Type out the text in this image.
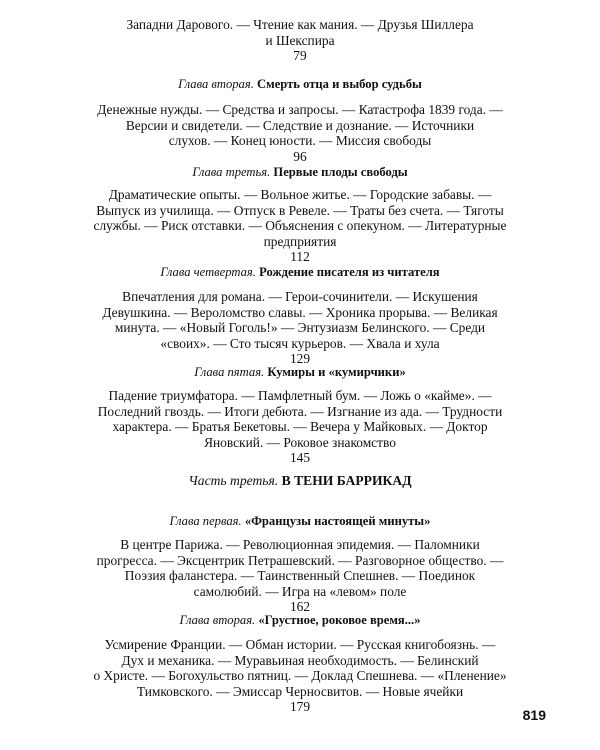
Западни Дарового. — Чтение как мания. — Друзья Шиллера

и Шекспира

79

Глава вторая. Смерть отца и выбор судьбы

Денежные нужды. — Средства и запросы. — Катастрофа 1839 года. —

Версии и свидетели. — Следствие и дознание. — Источники

слухов. — Конец юности. — Миссия свободы

96

Глава третья. Первые плоды свободы

Драматические опыты. — Вольное житье. — Городские забавы. —

Выпуск из училища. — Отпуск в Ревеле. — Траты без счета. — Тяготы

службы. — Риск отставки. — Объяснения с опекуном. — Литературные

предприятия

112

Глава четвертая. Рождение писателя из читателя

Впечатления для романа. — Герои-сочинители. — Искушения

Девушкина. — Вероломство славы. — Хроника прорыва. — Великая

минута. — «Новый Гоголь!» — Энтузиазм Белинского. — Среди

«своих». — Сто тысяч курьеров. — Хвала и хула

129

Глава пятая. Кумиры и «кумирчики»

Падение триумфатора. — Памфлетный бум. — Ложь о «кайме». —

Последний гвоздь. — Итоги дебюта. — Изгнание из ада. — Трудности

характера. — Братья Бекетовы. — Вечера у Майковых. — Доктор

Яновский. — Роковое знакомство

145

Часть третья. В ТЕНИ БАРРИКАД

Глава первая. «Французы настоящей минуты»

В центре Парижа. — Революционная эпидемия. — Паломники

прогресса. — Эксцентрик Петрашевский. — Разговорное общество. —

Поэзия фаланстера. — Таинственный Спешнев. — Поединок

самолюбий. — Игра на «левом» поле

162

Глава вторая. «Грустное, роковое время...»

Усмирение Франции. — Обман истории. — Русская книгобоязнь. —

Дух и механика. — Муравьиная необходимость. — Белинский

о Христе. — Богохульство пятниц. — Доклад Спешнева. — «Пленение»

Тимковского. — Эмиссар Черносвитов. — Новые ячейки

179

819
